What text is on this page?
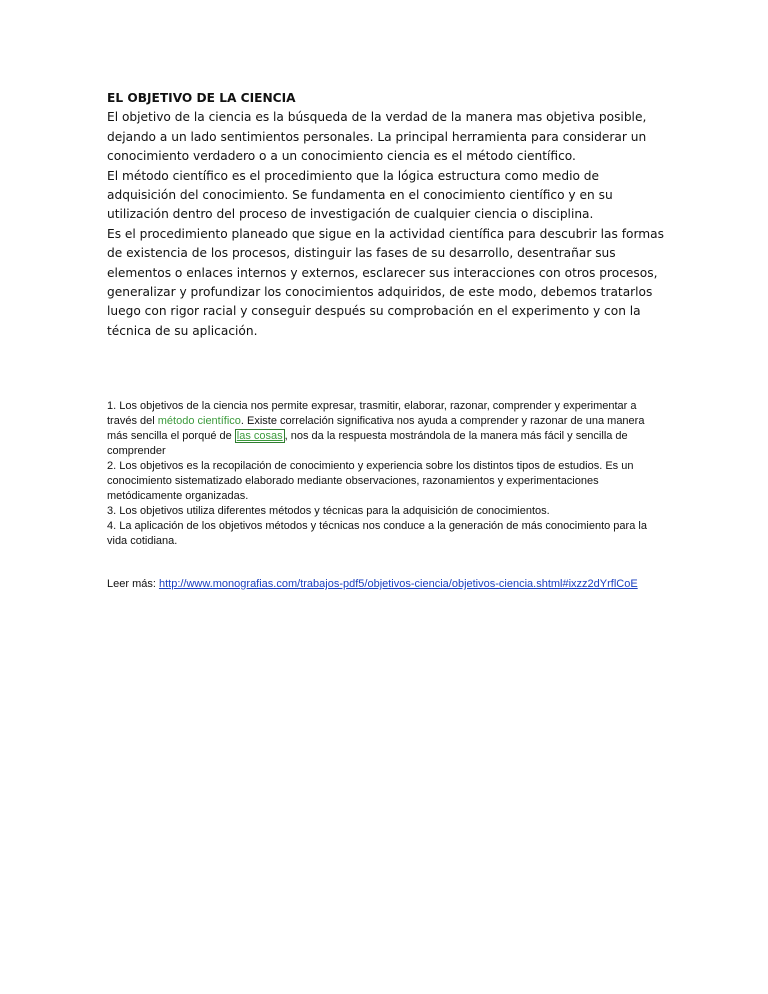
EL OBJETIVO DE LA CIENCIA

El objetivo de la ciencia es la búsqueda de la verdad de la manera mas objetiva posible, dejando a un lado sentimientos personales. La principal herramienta para considerar un conocimiento verdadero o a un conocimiento ciencia es el método científico.

El método científico es el procedimiento que la lógica estructura como medio de adquisición del conocimiento. Se fundamenta en el conocimiento científico y en su utilización dentro del proceso de investigación de cualquier ciencia o disciplina.

Es el procedimiento planeado que sigue en la actividad científica para descubrir las formas de existencia de los procesos, distinguir las fases de su desarrollo, desentrañar sus elementos o enlaces internos y externos, esclarecer sus interacciones con otros procesos, generalizar y profundizar los conocimientos adquiridos, de este modo, debemos tratarlos luego con rigor racial y conseguir después su comprobación en el experimento y con la técnica de su aplicación.

1. Los objetivos de la ciencia nos permite expresar, trasmitir, elaborar, razonar, comprender y experimentar a través del método científico. Existe correlación significativa nos ayuda a comprender y razonar de una manera más sencilla el porqué de las cosas , nos da la respuesta mostrándola de la manera más fácil y sencilla de comprender

2. Los objetivos es la recopilación de conocimiento y experiencia sobre los distintos tipos de estudios. Es un conocimiento sistematizado elaborado mediante observaciones, razonamientos y experimentaciones metódicamente organizadas.

3. Los objetivos utiliza diferentes métodos y técnicas para la adquisición de conocimientos.

4. La aplicación de los objetivos métodos y técnicas nos conduce a la generación de más conocimiento para la vida cotidiana.

Leer más: http://www.monografias.com/trabajos-pdf5/objetivos-ciencia/objetivos-ciencia.shtml#ixzz2dYrflCoE
